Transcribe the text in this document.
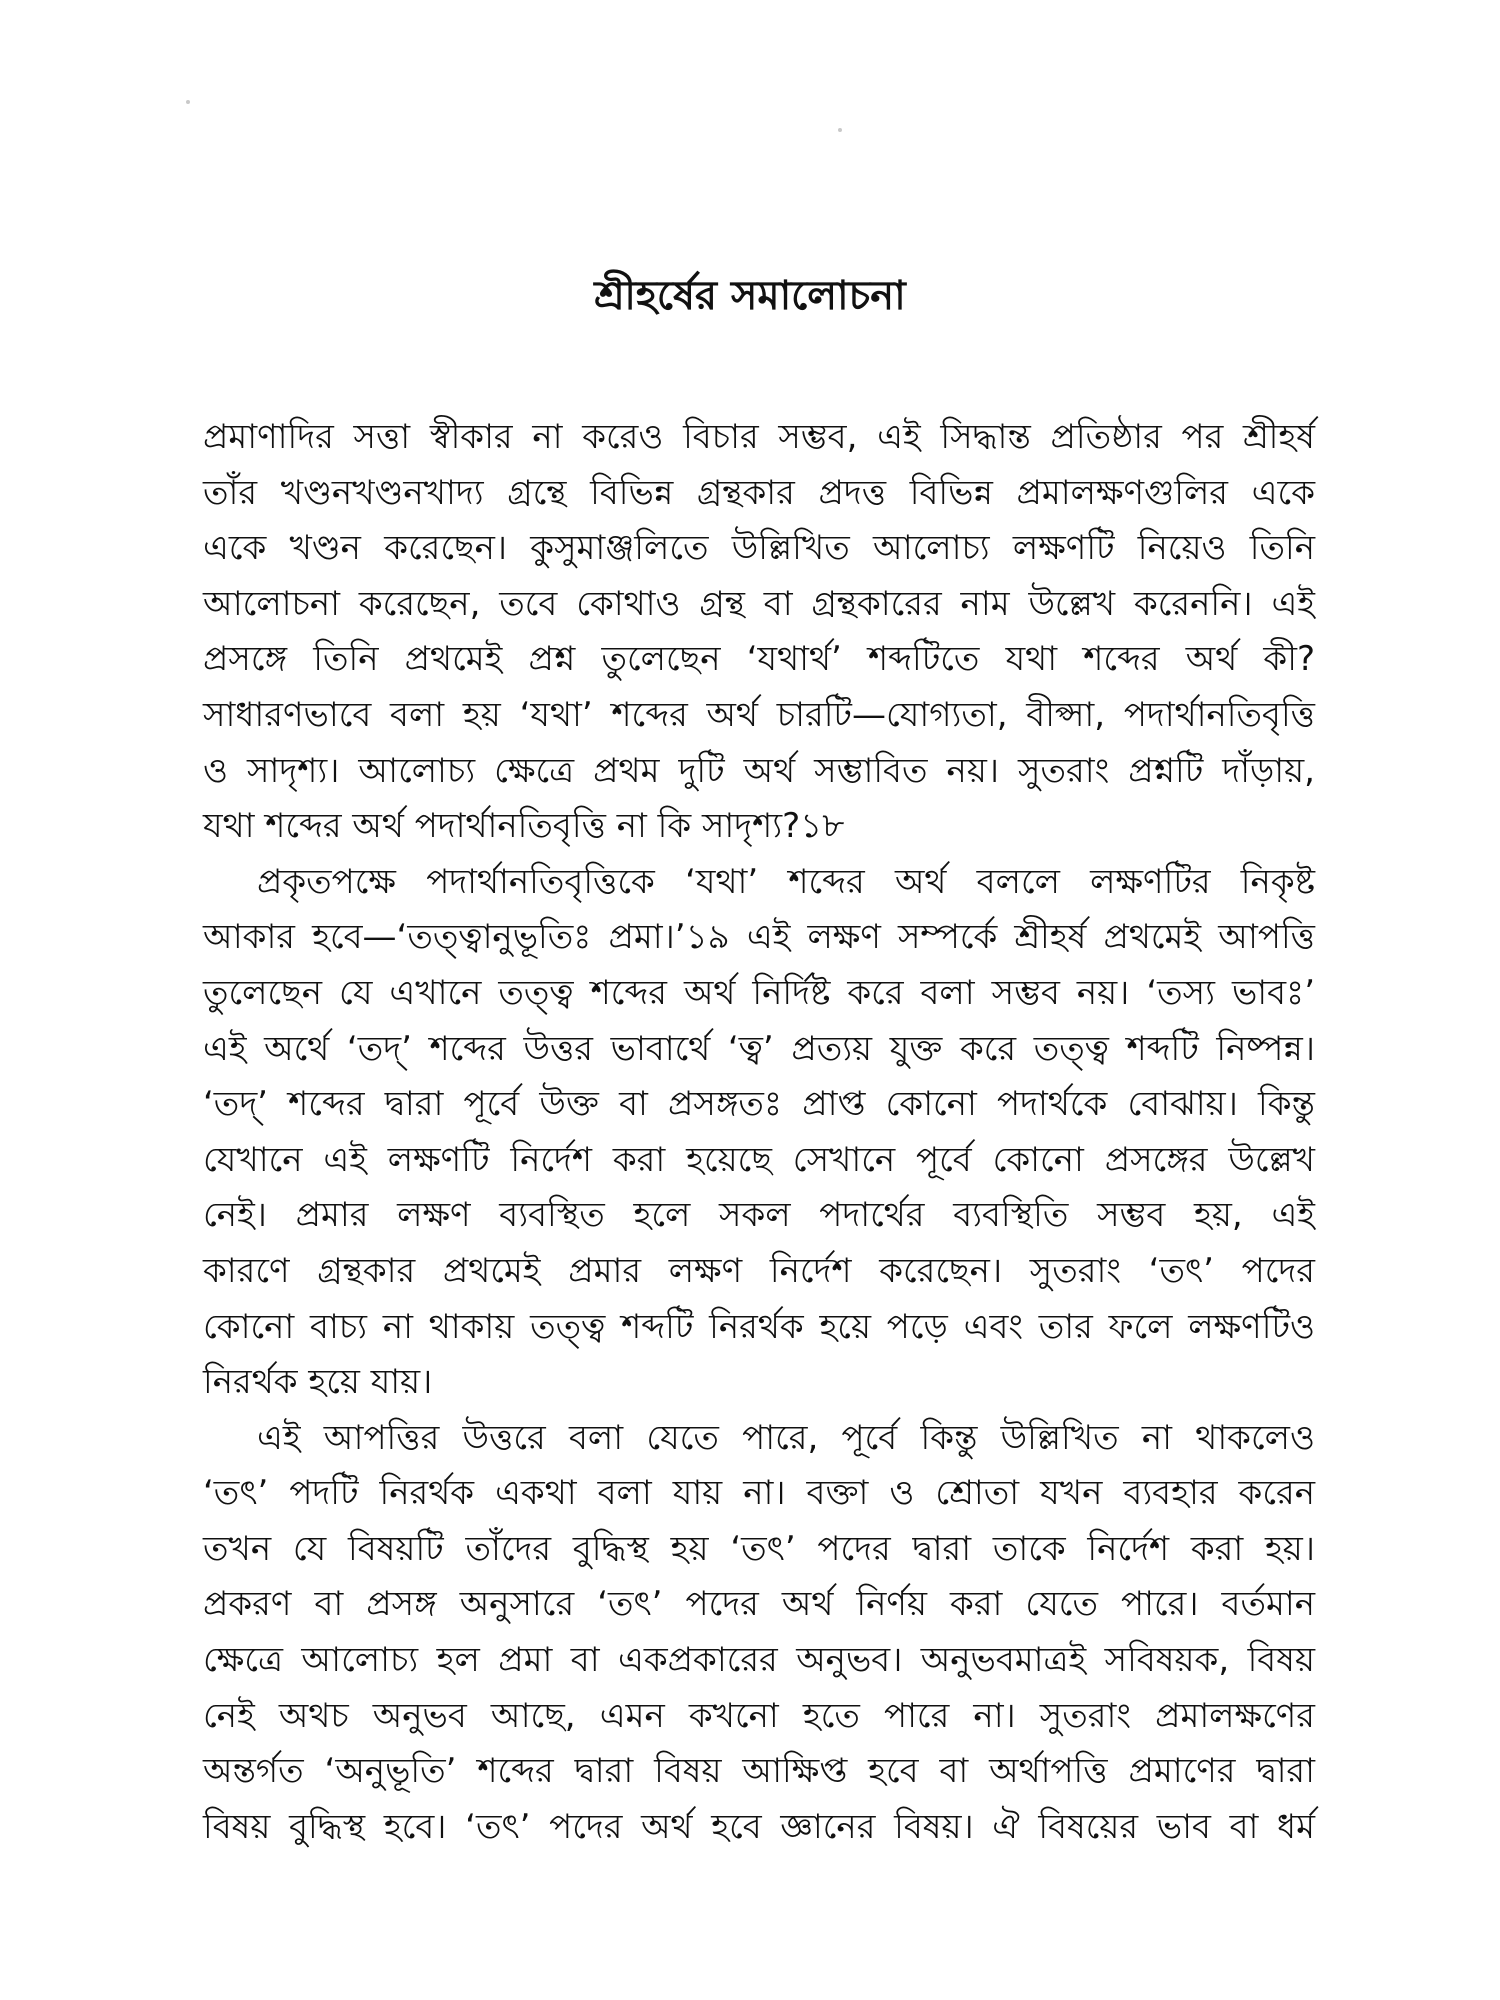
শ্রীহর্ষের সমালোচনা

প্রমাণাদির সত্তা স্বীকার না করেও বিচার সম্ভব, এই সিদ্ধান্ত প্রতিষ্ঠার পর শ্রীহর্ষ
তাঁর খণ্ডনখণ্ডনখাদ্য গ্রন্থে বিভিন্ন গ্রন্থকার প্রদত্ত বিভিন্ন প্রমালক্ষণগুলির একে
একে খণ্ডন করেছেন। কুসুমাঞ্জলিতে উল্লিখিত আলোচ্য লক্ষণটি নিয়েও তিনি
আলোচনা করেছেন, তবে কোথাও গ্রন্থ বা গ্রন্থকারের নাম উল্লেখ করেননি। এই
প্রসঙ্গে তিনি প্রথমেই প্রশ্ন তুলেছেন ‘যথার্থ’ শব্দটিতে যথা শব্দের অর্থ কী?
সাধারণভাবে বলা হয় ‘যথা’ শব্দের অর্থ চারটি—যোগ্যতা, বীপ্সা, পদার্থানতিবৃত্তি
ও সাদৃশ্য। আলোচ্য ক্ষেত্রে প্রথম দুটি অর্থ সম্ভাবিত নয়। সুতরাং প্রশ্নটি দাঁড়ায়,
যথা শব্দের অর্থ পদার্থানতিবৃত্তি না কি সাদৃশ্য?১৮

প্রকৃতপক্ষে পদার্থানতিবৃত্তিকে ‘যথা’ শব্দের অর্থ বললে লক্ষণটির নিকৃষ্ট
আকার হবে—‘তত্ত্বানুভূতিঃ প্রমা।’১৯ এই লক্ষণ সম্পর্কে শ্রীহর্ষ প্রথমেই আপত্তি
তুলেছেন যে এখানে তত্ত্ব শব্দের অর্থ নির্দিষ্ট করে বলা সম্ভব নয়। ‘তস্য ভাবঃ’
এই অর্থে ‘তদ্’ শব্দের উত্তর ভাবার্থে ‘ত্ব’ প্রত্যয় যুক্ত করে তত্ত্ব শব্দটি নিষ্পন্ন।
‘তদ্’ শব্দের দ্বারা পূর্বে উক্ত বা প্রসঙ্গতঃ প্রাপ্ত কোনো পদার্থকে বোঝায়। কিন্তু
যেখানে এই লক্ষণটি নির্দেশ করা হয়েছে সেখানে পূর্বে কোনো প্রসঙ্গের উল্লেখ
নেই। প্রমার লক্ষণ ব্যবস্থিত হলে সকল পদার্থের ব্যবস্থিতি সম্ভব হয়, এই
কারণে গ্রন্থকার প্রথমেই প্রমার লক্ষণ নির্দেশ করেছেন। সুতরাং ‘তৎ’ পদের
কোনো বাচ্য না থাকায় তত্ত্ব শব্দটি নিরর্থক হয়ে পড়ে এবং তার ফলে লক্ষণটিও
নিরর্থক হয়ে যায়।

এই আপত্তির উত্তরে বলা যেতে পারে, পূর্বে কিন্তু উল্লিখিত না থাকলেও
‘তৎ’ পদটি নিরর্থক একথা বলা যায় না। বক্তা ও শ্রোতা যখন ব্যবহার করেন
তখন যে বিষয়টি তাঁদের বুদ্ধিস্থ হয় ‘তৎ’ পদের দ্বারা তাকে নির্দেশ করা হয়।
প্রকরণ বা প্রসঙ্গ অনুসারে ‘তৎ’ পদের অর্থ নির্ণয় করা যেতে পারে। বর্তমান
ক্ষেত্রে আলোচ্য হল প্রমা বা একপ্রকারের অনুভব। অনুভবমাত্রই সবিষয়ক, বিষয়
নেই অথচ অনুভব আছে, এমন কখনো হতে পারে না। সুতরাং প্রমালক্ষণের
অন্তর্গত ‘অনুভূতি’ শব্দের দ্বারা বিষয় আক্ষিপ্ত হবে বা অর্থাপত্তি প্রমাণের দ্বারা
বিষয় বুদ্ধিস্থ হবে। ‘তৎ’ পদের অর্থ হবে জ্ঞানের বিষয়। ঐ বিষয়ের ভাব বা ধর্ম
